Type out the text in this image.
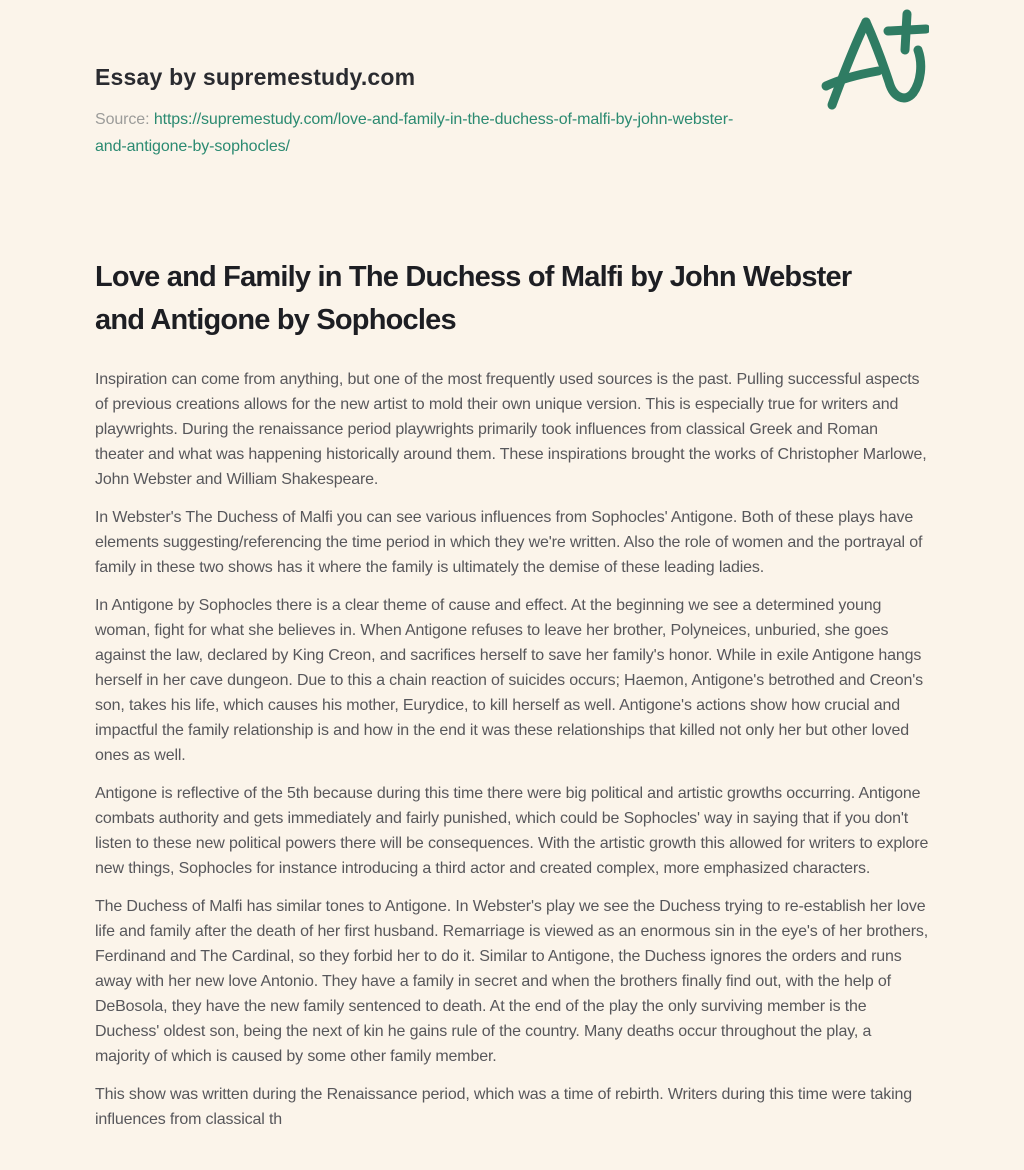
Essay by supremestudy.com
Source: https://supremestudy.com/love-and-family-in-the-duchess-of-malfi-by-john-webster-and-antigone-by-sophocles/
Love and Family in The Duchess of Malfi by John Webster
and Antigone by Sophocles

Inspiration can come from anything, but one of the most frequently used sources is the past. Pulling successful aspects of previous creations allows for the new artist to mold their own unique version. This is especially true for writers and playwrights. During the renaissance period playwrights primarily took influences from classical Greek and Roman theater and what was happening historically around them. These inspirations brought the works of Christopher Marlowe, John Webster and William Shakespeare.

In Webster's The Duchess of Malfi you can see various influences from Sophocles' Antigone. Both of these plays have elements suggesting/referencing the time period in which they we're written. Also the role of women and the portrayal of family in these two shows has it where the family is ultimately the demise of these leading ladies.

In Antigone by Sophocles there is a clear theme of cause and effect. At the beginning we see a determined young woman, fight for what she believes in. When Antigone refuses to leave her brother, Polyneices, unburied, she goes against the law, declared by King Creon, and sacrifices herself to save her family's honor. While in exile Antigone hangs herself in her cave dungeon. Due to this a chain reaction of suicides occurs; Haemon, Antigone's betrothed and Creon's son, takes his life, which causes his mother, Eurydice, to kill herself as well. Antigone's actions show how crucial and impactful the family relationship is and how in the end it was these relationships that killed not only her but other loved ones as well.

Antigone is reflective of the 5th because during this time there were big political and artistic growths occurring. Antigone combats authority and gets immediately and fairly punished, which could be Sophocles' way in saying that if you don't listen to these new political powers there will be consequences. With the artistic growth this allowed for writers to explore new things, Sophocles for instance introducing a third actor and created complex, more emphasized characters.

The Duchess of Malfi has similar tones to Antigone. In Webster's play we see the Duchess trying to re-establish her love life and family after the death of her first husband. Remarriage is viewed as an enormous sin in the eye's of her brothers, Ferdinand and The Cardinal, so they forbid her to do it. Similar to Antigone, the Duchess ignores the orders and runs away with her new love Antonio. They have a family in secret and when the brothers finally find out, with the help of DeBosola, they have the new family sentenced to death. At the end of the play the only surviving member is the Duchess' oldest son, being the next of kin he gains rule of the country. Many deaths occur throughout the play, a majority of which is caused by some other family member.

This show was written during the Renaissance period, which was a time of rebirth. Writers during this time were taking influences from classical th
